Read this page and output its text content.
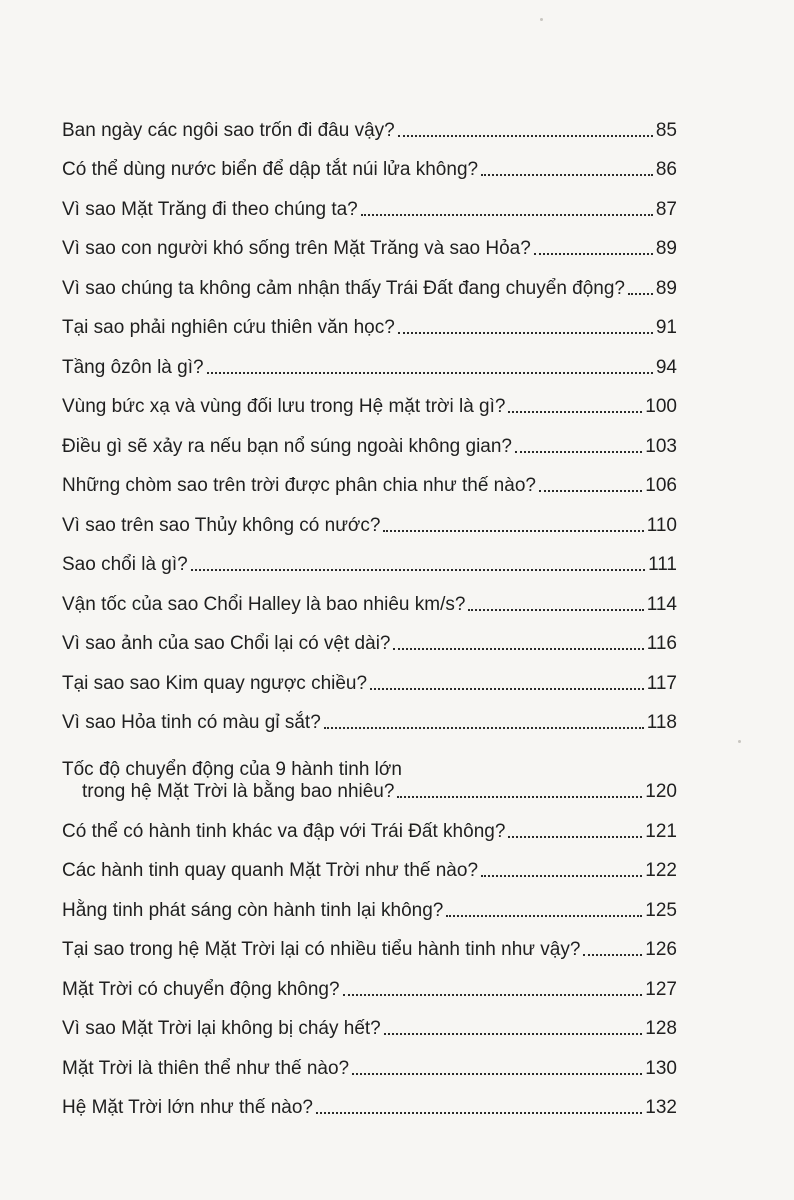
Ban ngày các ngôi sao trốn đi đâu vậy?	85
Có thể dùng nước biển để dập tắt núi lửa không?	86
Vì sao Mặt Trăng đi theo chúng ta?	87
Vì sao con người khó sống trên Mặt Trăng và sao Hỏa?	89
Vì sao chúng ta không cảm nhận thấy Trái Đất đang chuyển động? 89
Tại sao phải nghiên cứu thiên văn học?	91
Tầng ôzôn là gì?	94
Vùng bức xạ và vùng đối lưu trong Hệ mặt trời là gì?	100
Điều gì sẽ xảy ra nếu bạn nổ súng ngoài không gian?	103
Những chòm sao trên trời được phân chia như thế nào?	106
Vì sao trên sao Thủy không có nước?	110
Sao chổi là gì?	111
Vận tốc của sao Chổi Halley là bao nhiêu km/s?	114
Vì sao ảnh của sao Chổi lại có vệt dài?	116
Tại sao sao Kim quay ngược chiều?	117
Vì sao Hỏa tinh có màu gỉ sắt?	118
Tốc độ chuyển động của 9 hành tinh lớn
trong hệ Mặt Trời là bằng bao nhiêu?	120
Có thể có hành tinh khác va đập với Trái Đất không?	121
Các hành tinh quay quanh Mặt Trời như thế nào?	122
Hằng tinh phát sáng còn hành tinh lại không?	125
Tại sao trong hệ Mặt Trời lại có nhiều tiểu hành tinh như vậy?	126
Mặt Trời có chuyển động không?	127
Vì sao Mặt Trời lại không bị cháy hết?	128
Mặt Trời là thiên thể như thế nào?	130
Hệ Mặt Trời lớn như thế nào?	132
